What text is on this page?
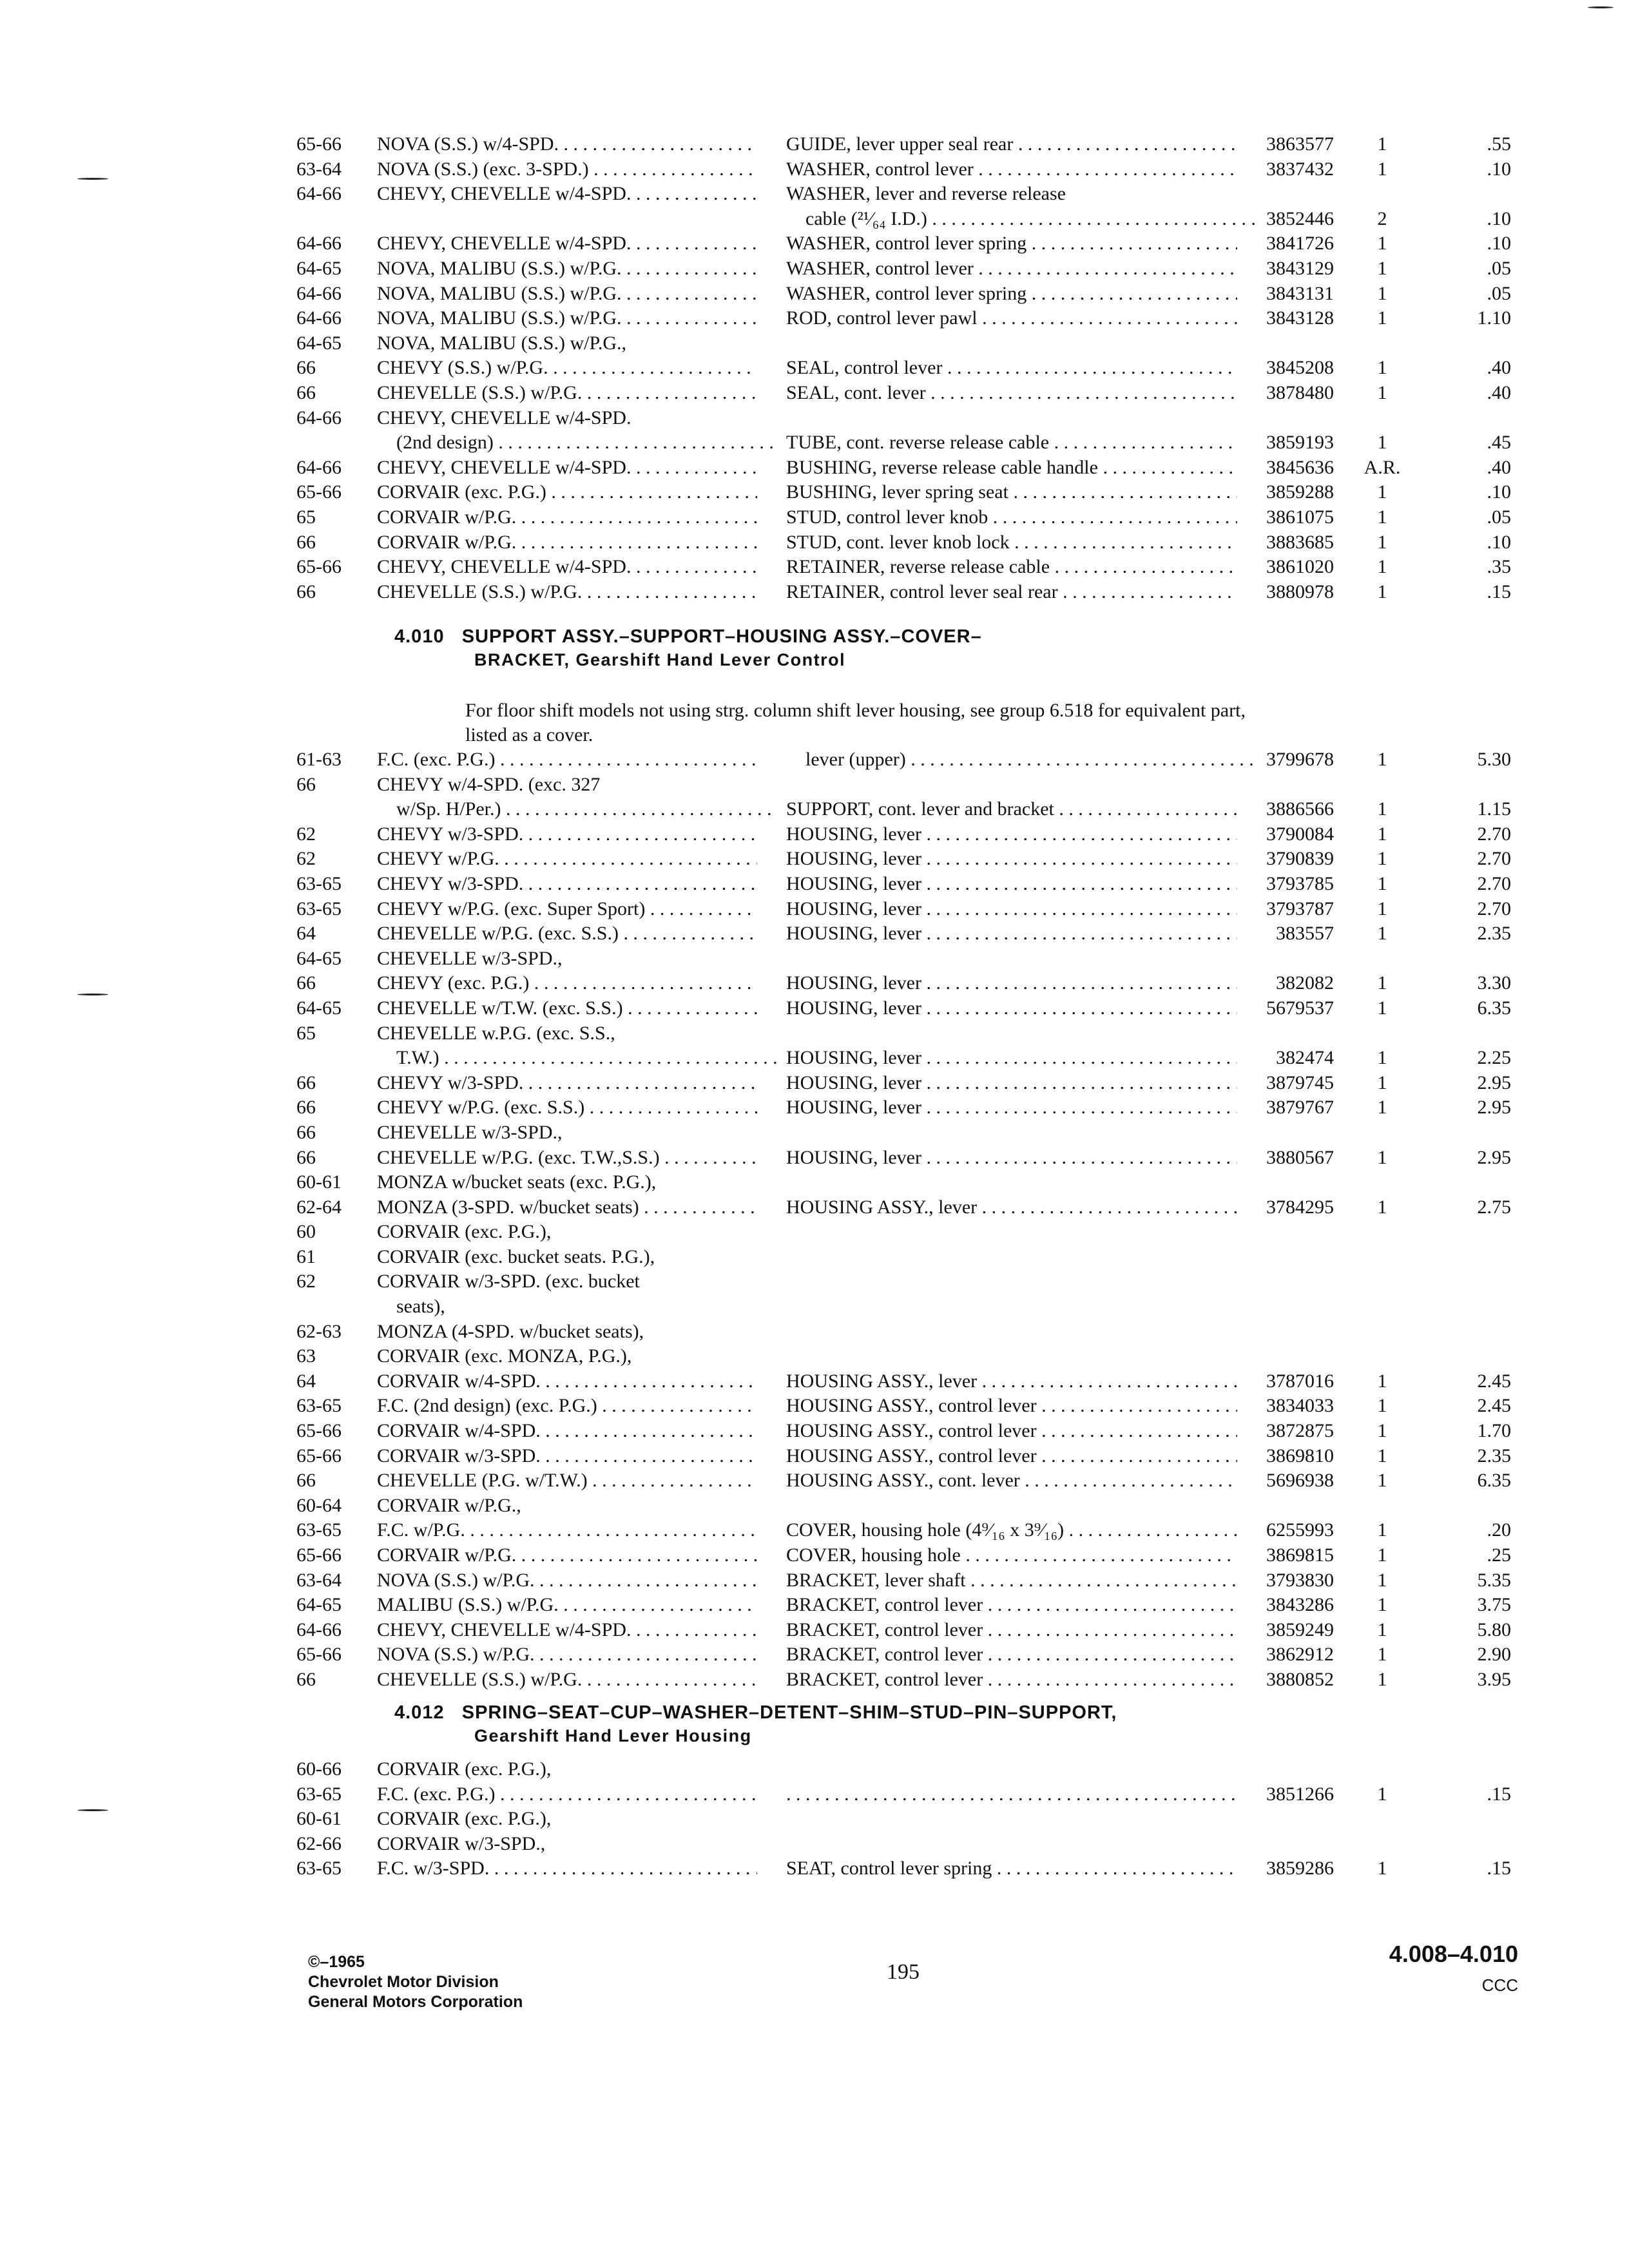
65-66	NOVA (S.S.) w/4-SPD. . . .	GUIDE, lever upper seal rear . . .	3863577	1	.55
63-64	NOVA (S.S.) (exc. 3-SPD.) . . .	WASHER, control lever . . .	3837432	1	.10
64-66	CHEVY, CHEVELLE w/4-SPD. . . .	WASHER, lever and reverse release
cable (²¹⁄₆₄ I.D.) . . .	3852446	2	.10
64-66	CHEVY, CHEVELLE w/4-SPD. . . .	WASHER, control lever spring . . .	3841726	1	.10
64-65	NOVA, MALIBU (S.S.) w/P.G. . . .	WASHER, control lever . . .	3843129	1	.05
64-66	NOVA, MALIBU (S.S.) w/P.G. . . .	WASHER, control lever spring . . .	3843131	1	.05
64-66	NOVA, MALIBU (S.S.) w/P.G. . . .	ROD, control lever pawl . . .	3843128	1	1.10
64-65	NOVA, MALIBU (S.S.) w/P.G.,
66	CHEVY (S.S.) w/P.G. . . .	SEAL, control lever . . .	3845208	1	.40
66	CHEVELLE (S.S.) w/P.G. . . .	SEAL, cont. lever . . .	3878480	1	.40
64-66	CHEVY, CHEVELLE w/4-SPD.
(2nd design) . . .	TUBE, cont. reverse release cable . . .	3859193	1	.45
64-66	CHEVY, CHEVELLE w/4-SPD. . . .	BUSHING, reverse release cable handle . . .	3845636	A.R.	.40
65-66	CORVAIR (exc. P.G.) . . .	BUSHING, lever spring seat . . .	3859288	1	.10
65	CORVAIR w/P.G. . . .	STUD, control lever knob . . .	3861075	1	.05
66	CORVAIR w/P.G. . . .	STUD, cont. lever knob lock . . .	3883685	1	.10
65-66	CHEVY, CHEVELLE w/4-SPD. . . .	RETAINER, reverse release cable . . .	3861020	1	.35
66	CHEVELLE (S.S.) w/P.G. . . .	RETAINER, control lever seal rear . . .	3880978	1	.15
4.010 SUPPORT ASSY.–SUPPORT–HOUSING ASSY.–COVER–
BRACKET, Gearshift Hand Lever Control
For floor shift models not using strg. column shift lever housing, see group 6.518 for equivalent part, listed as a cover.
61-63	F.C. (exc. P.G.) . . .	lever (upper) . . .	3799678	1	5.30
66	CHEVY w/4-SPD. (exc. 327
w/Sp. H/Per.) . . .	SUPPORT, cont. lever and bracket . . .	3886566	1	1.15
62	CHEVY w/3-SPD. . . .	HOUSING, lever . . .	3790084	1	2.70
62	CHEVY w/P.G. . . .	HOUSING, lever . . .	3790839	1	2.70
63-65	CHEVY w/3-SPD. . . .	HOUSING, lever . . .	3793785	1	2.70
63-65	CHEVY w/P.G. (exc. Super Sport) . . .	HOUSING, lever . . .	3793787	1	2.70
64	CHEVELLE w/P.G. (exc. S.S.) . . .	HOUSING, lever . . .	383557	1	2.35
64-65	CHEVELLE w/3-SPD.,
66	CHEVY (exc. P.G.) . . .	HOUSING, lever . . .	382082	1	3.30
64-65	CHEVELLE w/T.W. (exc. S.S.) . . .	HOUSING, lever . . .	5679537	1	6.35
65	CHEVELLE w.P.G. (exc. S.S.,
T.W.) . . .	HOUSING, lever . . .	382474	1	2.25
66	CHEVY w/3-SPD. . . .	HOUSING, lever . . .	3879745	1	2.95
66	CHEVY w/P.G. (exc. S.S.) . . .	HOUSING, lever . . .	3879767	1	2.95
66	CHEVELLE w/3-SPD.,
66	CHEVELLE w/P.G. (exc. T.W.,S.S.) . . .	HOUSING, lever . . .	3880567	1	2.95
60-61	MONZA w/bucket seats (exc. P.G.),
62-64	MONZA (3-SPD. w/bucket seats) . . .	HOUSING ASSY., lever . . .	3784295	1	2.75
60	CORVAIR (exc. P.G.),
61	CORVAIR (exc. bucket seats. P.G.),
62	CORVAIR w/3-SPD. (exc. bucket
seats),
62-63	MONZA (4-SPD. w/bucket seats),
63	CORVAIR (exc. MONZA, P.G.),
64	CORVAIR w/4-SPD. . . .	HOUSING ASSY., lever . . .	3787016	1	2.45
63-65	F.C. (2nd design) (exc. P.G.) . . .	HOUSING ASSY., control lever . . .	3834033	1	2.45
65-66	CORVAIR w/4-SPD. . . .	HOUSING ASSY., control lever . . .	3872875	1	1.70
65-66	CORVAIR w/3-SPD. . . .	HOUSING ASSY., control lever . . .	3869810	1	2.35
66	CHEVELLE (P.G. w/T.W.) . . .	HOUSING ASSY., cont. lever . . .	5696938	1	6.35
60-64	CORVAIR w/P.G.,
63-65	F.C. w/P.G. . . .	COVER, housing hole (4⁹⁄₁₆ x 3⁹⁄₁₆) . . .	6255993	1	.20
65-66	CORVAIR w/P.G. . . .	COVER, housing hole . . .	3869815	1	.25
63-64	NOVA (S.S.) w/P.G. . . .	BRACKET, lever shaft . . .	3793830	1	5.35
64-65	MALIBU (S.S.) w/P.G. . . .	BRACKET, control lever . . .	3843286	1	3.75
64-66	CHEVY, CHEVELLE w/4-SPD. . . .	BRACKET, control lever . . .	3859249	1	5.80
65-66	NOVA (S.S.) w/P.G. . . .	BRACKET, control lever . . .	3862912	1	2.90
66	CHEVELLE (S.S.) w/P.G. . . .	BRACKET, control lever . . .	3880852	1	3.95
4.012 SPRING–SEAT–CUP–WASHER–DETENT–SHIM–STUD–PIN–SUPPORT,
Gearshift Hand Lever Housing
60-66	CORVAIR (exc. P.G.),
63-65	F.C. (exc. P.G.) . . .
. . .	3851266	1	.15
60-61	CORVAIR (exc. P.G.),
62-66	CORVAIR w/3-SPD.,
63-65	F.C. w/3-SPD. . . .	SEAT, control lever spring . . .	3859286	1	.15
©–1965
Chevrolet Motor Division
General Motors Corporation
195
4.008–4.010
CCC
